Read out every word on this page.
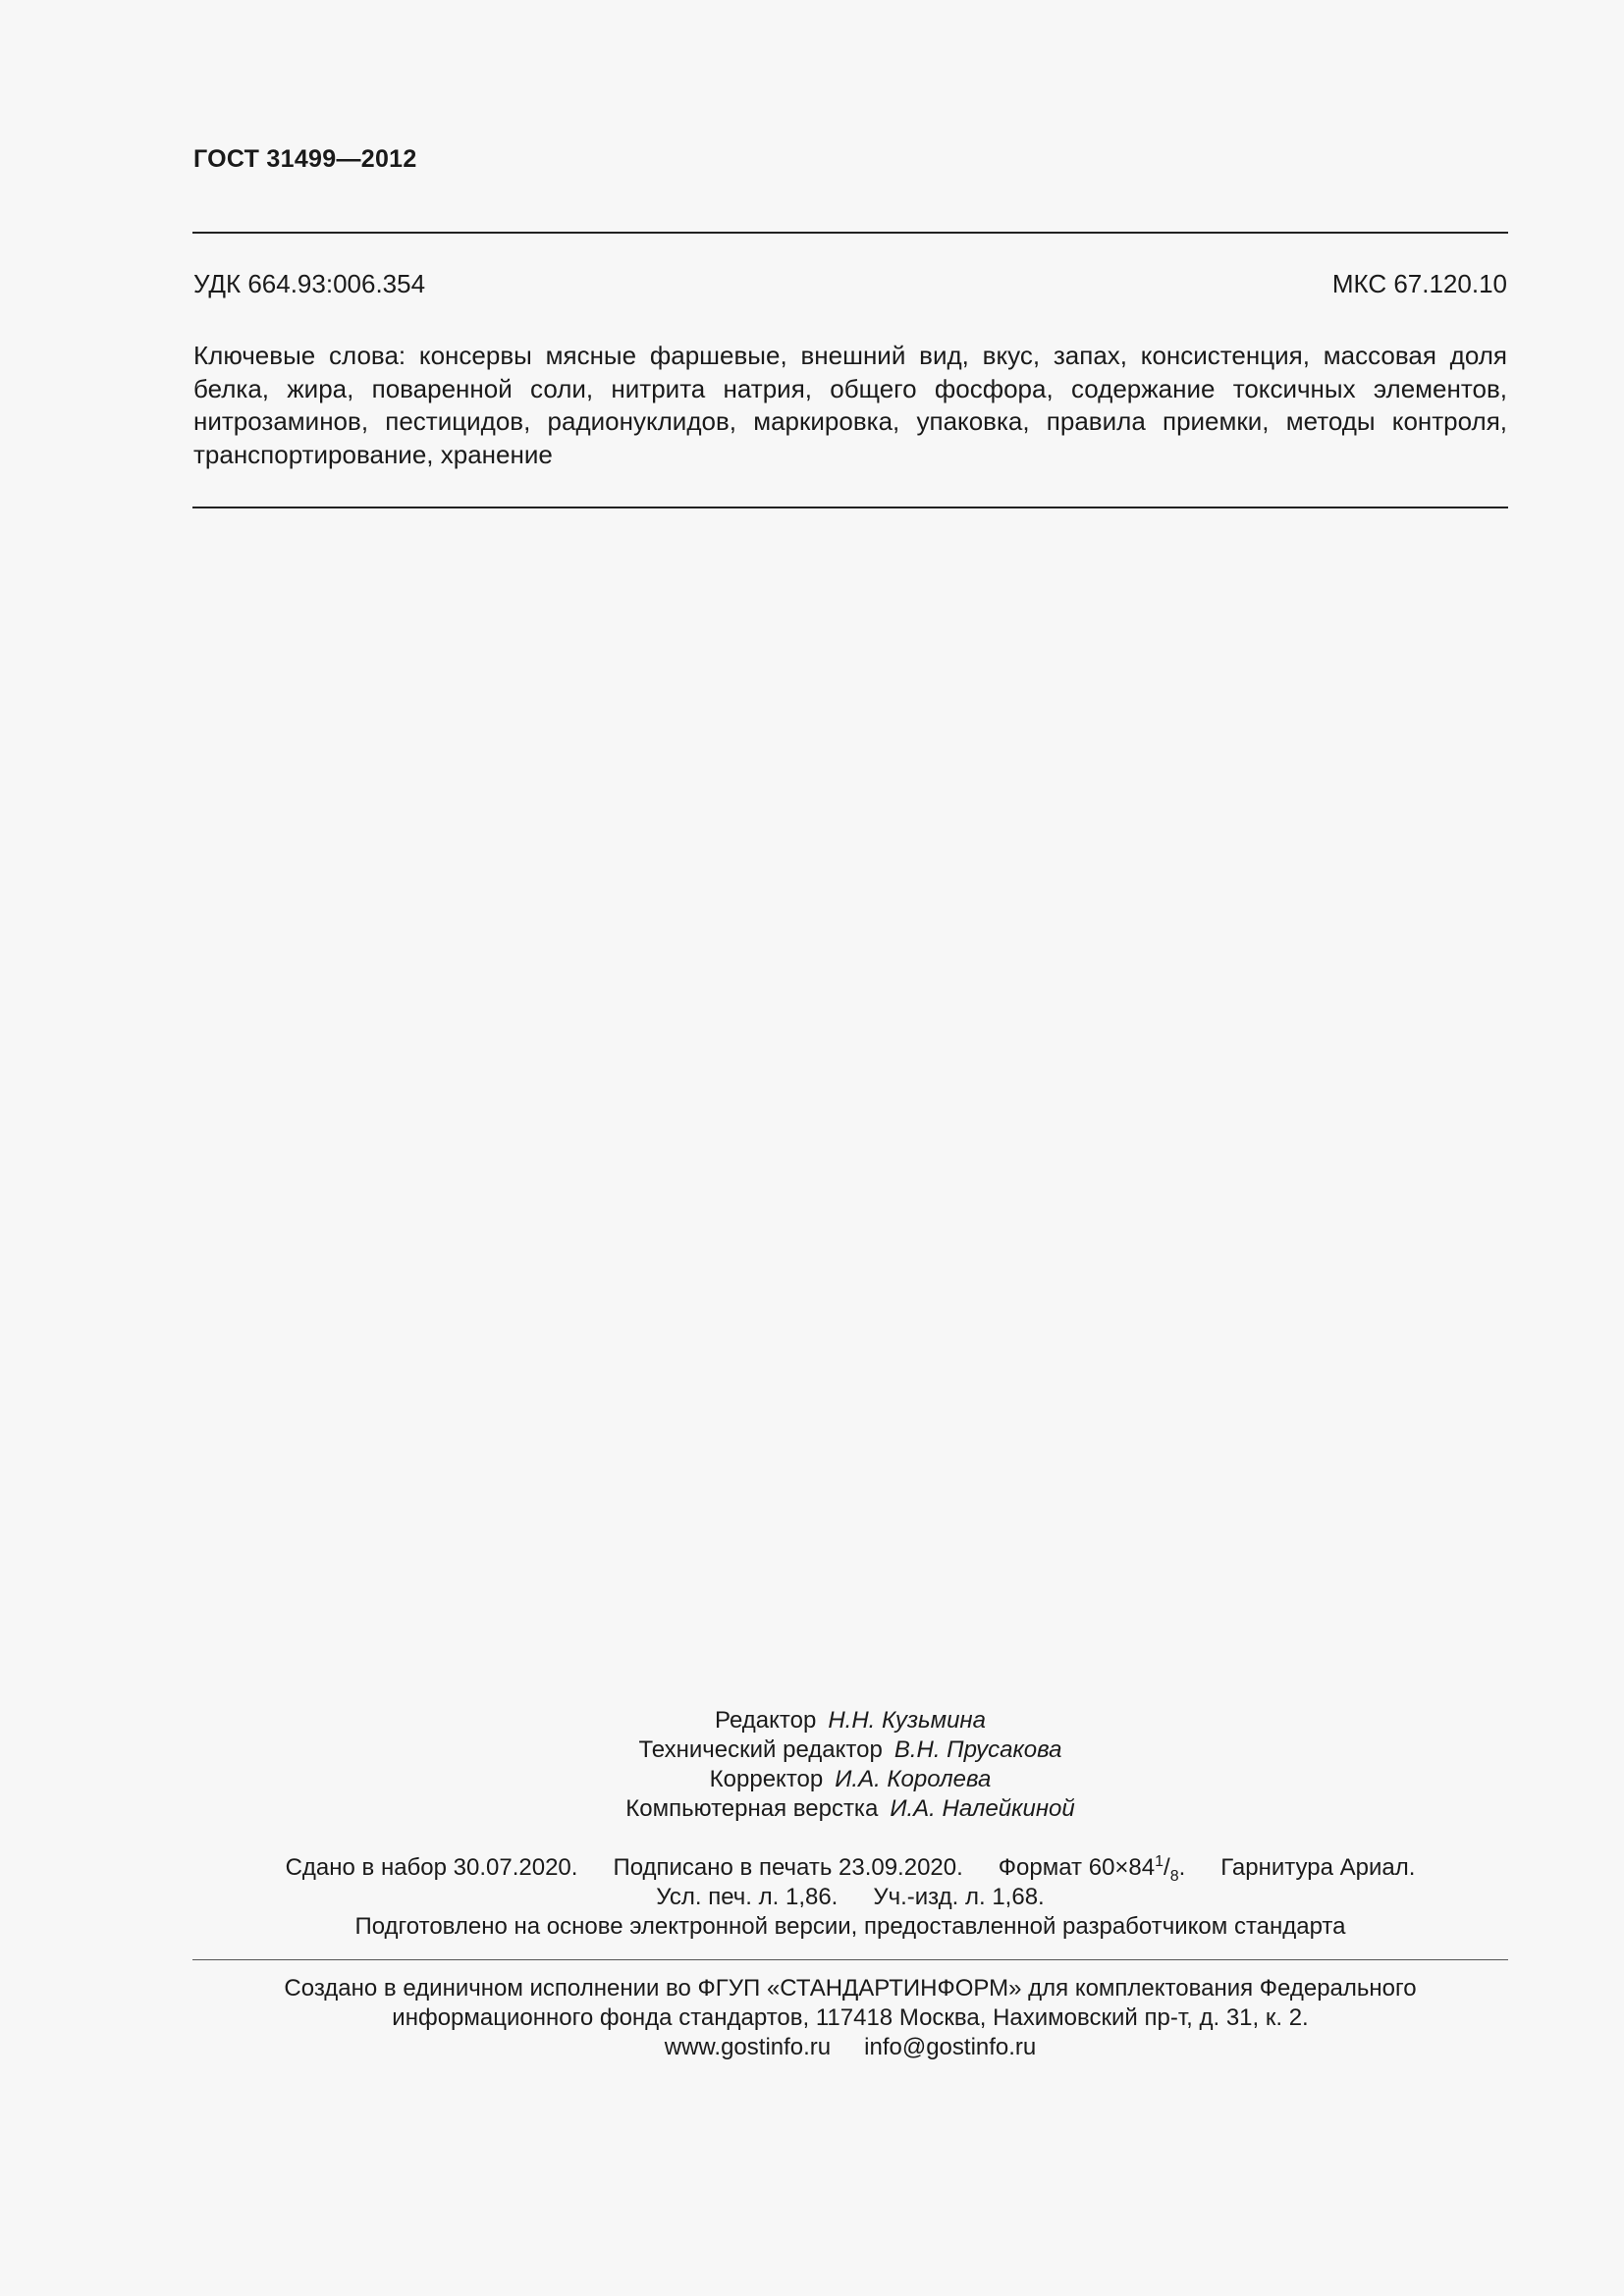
ГОСТ 31499—2012
УДК 664.93:006.354	МКС 67.120.10
Ключевые слова: консервы мясные фаршевые, внешний вид, вкус, запах, консистенция, массовая доля белка, жира, поваренной соли, нитрита натрия, общего фосфора, содержание токсичных элементов, нитрозаминов, пестицидов, радионуклидов, маркировка, упаковка, правила приемки, методы контроля, транспортирование, хранение
Редактор Н.Н. Кузьмина
Технический редактор В.Н. Прусакова
Корректор И.А. Королева
Компьютерная верстка И.А. Налейкиной
Сдано в набор 30.07.2020. Подписано в печать 23.09.2020. Формат $60\times 84^1/_8$. Гарнитура Ариал.
Усл. печ. л. 1,86. Уч.-изд. л. 1,68.
Подготовлено на основе электронной версии, предоставленной разработчиком стандарта
Создано в единичном исполнении во ФГУП «СТАНДАРТИНФОРМ» для комплектования Федерального
информационного фонда стандартов, 117418 Москва, Нахимовский пр-т, д. 31, к. 2.
www.gostinfo.ru info@gostinfo.ru
